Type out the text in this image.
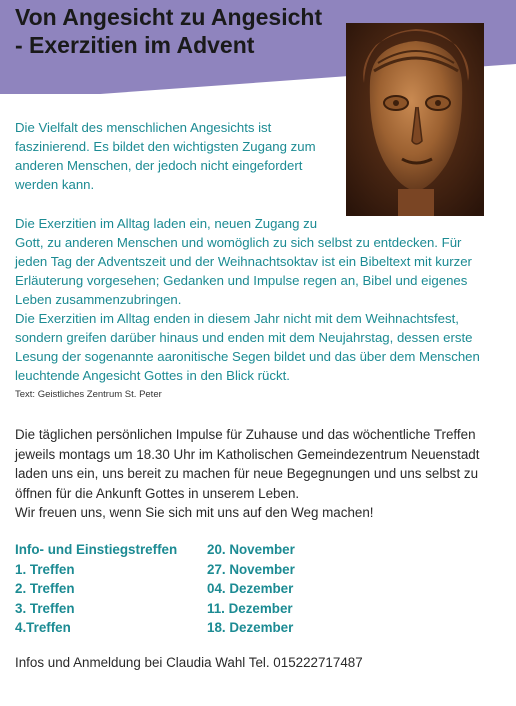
Von Angesicht zu Angesicht
- Exerzitien im Advent

Die Vielfalt des menschlichen Angesichts ist faszinierend. Es bildet den wichtigsten Zugang zum anderen Menschen, der jedoch nicht eingefordert werden kann.

Die Exerzitien im Alltag laden ein, neuen Zugang zu

Gott, zu anderen Menschen und womöglich zu sich selbst zu entdecken. Für jeden Tag der Adventszeit und der Weihnachtsoktav ist ein Bibeltext mit kurzer Erläuterung vorgesehen; Gedanken und Impulse regen an, Bibel und eigenes Leben zusammenzubringen.

Die Exerzitien im Alltag enden in diesem Jahr nicht mit dem Weihnachtsfest, sondern greifen darüber hinaus und enden mit dem Neujahrstag, dessen erste Lesung der sogenannte aaronitische Segen bildet und das über dem Menschen leuchtende Angesicht Gottes in den Blick rückt.

Text: Geistliches Zentrum St. Peter

Die täglichen persönlichen Impulse für Zuhause und das wöchentliche Treffen jeweils montags um 18.30 Uhr im Katholischen Gemeindezentrum Neuenstadt laden uns ein, uns bereit zu machen für neue Begegnungen und uns selbst zu öffnen für die Ankunft Gottes in unserem Leben.

Wir freuen uns, wenn Sie sich mit uns auf den Weg machen!

Info- und Einstiegstreffen	20. November
1. Treffen	27. November
2. Treffen	04. Dezember
3. Treffen	11. Dezember
4.Treffen	18. Dezember
Infos und Anmeldung bei Claudia Wahl Tel. 015222717487
